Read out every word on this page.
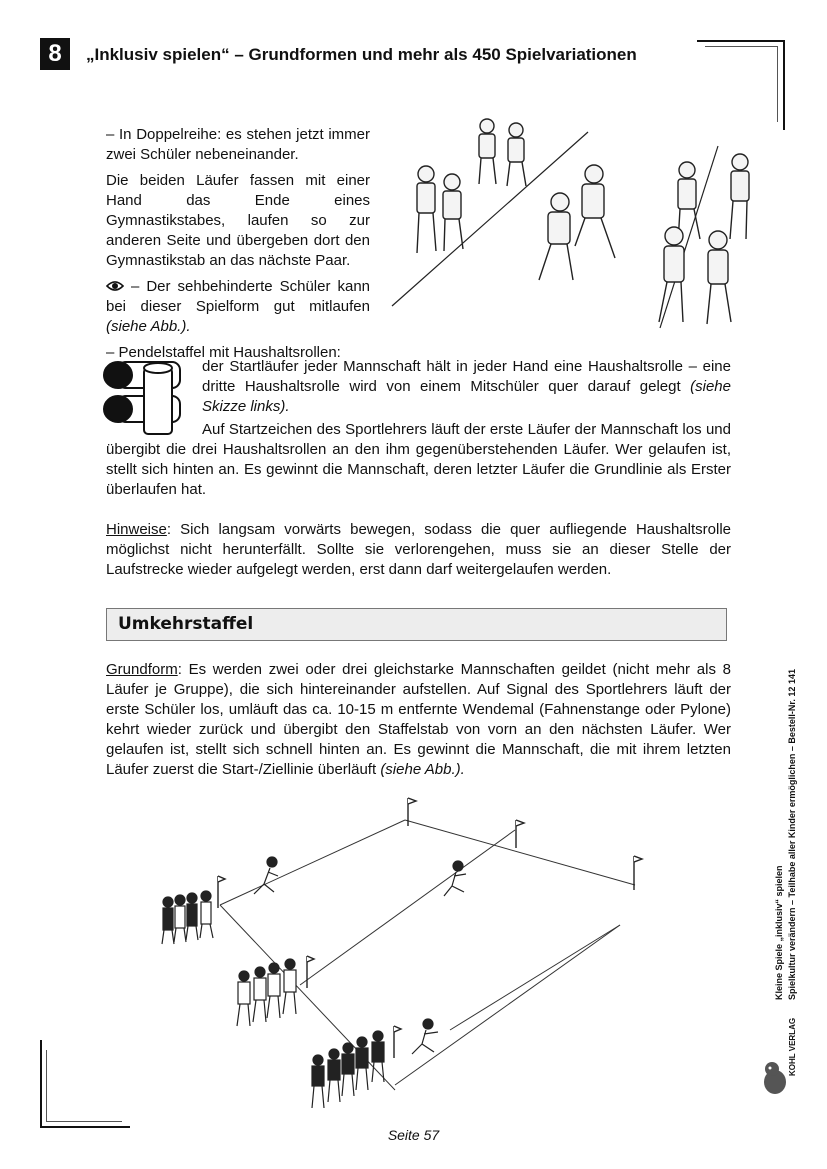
8	„Inklusiv spielen“ – Grundformen und mehr als 450 Spielvariationen

– In Doppelreihe: es stehen jetzt immer zwei Schüler nebeneinander.

Die beiden Läufer fassen mit einer Hand das Ende eines Gymnastikstabes, laufen so zur anderen Seite und übergeben dort den Gymnastikstab an das nächste Paar.

– Der sehbehinderte Schüler kann bei dieser Spielform gut mitlaufen (siehe Abb.).

– Pendelstaffel mit Haushaltsrollen:

der Startläufer jeder Mannschaft hält in jeder Hand eine Haushaltsrolle – eine dritte Haushaltsrolle wird von einem Mitschüler quer darauf gelegt (siehe Skizze links).
Auf Startzeichen des Sportlehrers läuft der erste Läufer der Mannschaft los und übergibt die drei Haushaltsrollen an den ihm gegenüberstehenden Läufer. Wer gelaufen ist, stellt sich hinten an. Es gewinnt die Mannschaft, deren letzter Läufer die Grundlinie als Erster überlaufen hat.
Hinweise: Sich langsam vorwärts bewegen, sodass die quer aufliegende Haushaltsrolle möglichst nicht herunterfällt. Sollte sie verlorengehen, muss sie an dieser Stelle der Laufstrecke wieder aufgelegt werden, erst dann darf weitergelaufen werden.
Umkehrstaffel
Grundform: Es werden zwei oder drei gleichstarke Mannschaften geildet (nicht mehr als 8 Läufer je Gruppe), die sich hintereinander aufstellen. Auf Signal des Sportlehrers läuft der erste Schüler los, umläuft das ca. 10-15 m entfernte Wendemal (Fahnenstange oder Pylone) kehrt wieder zurück und übergibt den Staffelstab von vorn an den nächsten Läufer. Wer gelaufen ist, stellt sich schnell hinten an. Es gewinnt die Mannschaft, die mit ihrem letzten Läufer zuerst die Start-/Ziellinie überläuft (siehe Abb.).
Kleine Spiele „inklusiv“ spielen Spielkultur verändern – Teilhabe aller Kinder ermöglichen – Bestell-Nr. 12 141
KOHL VERLAG
Seite 57
